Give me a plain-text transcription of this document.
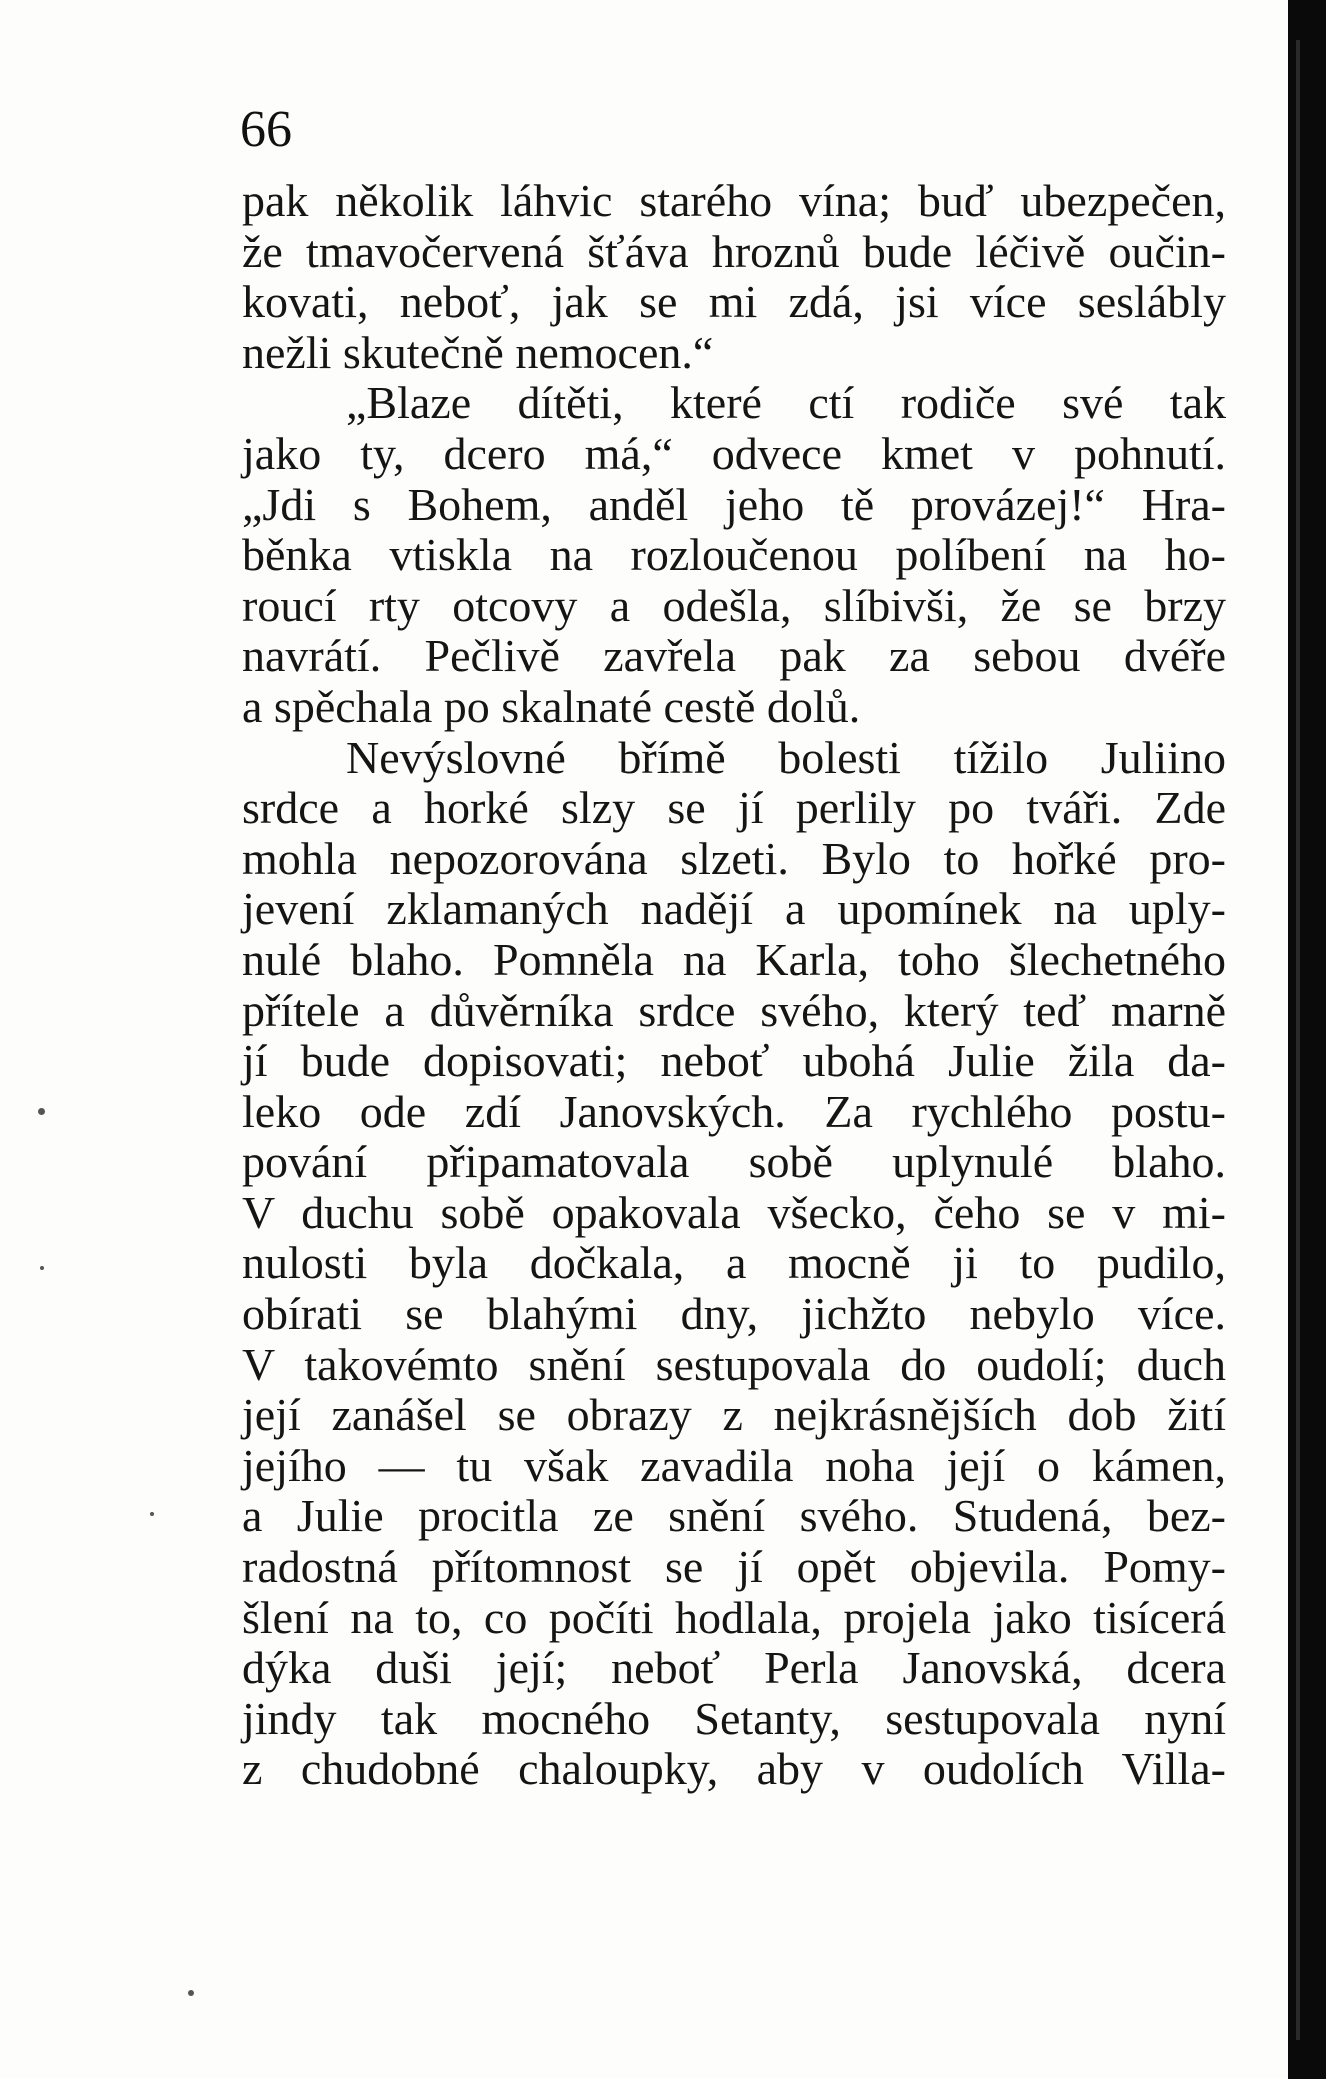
66
pak několik láhvic starého vína; buď ubezpečen,
že tmavočervená šťáva hroznů bude léčivě oučin-
kovati, neboť, jak se mi zdá, jsi více seslábly
nežli skutečně nemocen.“
„Blaze dítěti, které ctí rodiče své tak
jako ty, dcero má,“ odvece kmet v pohnutí.
„Jdi s Bohem, anděl jeho tě provázej!“ Hra-
běnka vtiskla na rozloučenou políbení na ho-
roucí rty otcovy a odešla, slíbivši, že se brzy
navrátí. Pečlivě zavřela pak za sebou dvéře
a spěchala po skalnaté cestě dolů.
Nevýslovné břímě bolesti tížilo Juliino
srdce a horké slzy se jí perlily po tváři. Zde
mohla nepozorována slzeti. Bylo to hořké pro-
jevení zklamaných nadějí a upomínek na uply-
nulé blaho. Pomněla na Karla, toho šlechetného
přítele a důvěrníka srdce svého, který teď marně
jí bude dopisovati; neboť ubohá Julie žila da-
leko ode zdí Janovských. Za rychlého postu-
pování připamatovala sobě uplynulé blaho.
V duchu sobě opakovala všecko, čeho se v mi-
nulosti byla dočkala, a mocně ji to pudilo,
obírati se blahými dny, jichžto nebylo více.
V takovémto snění sestupovala do oudolí; duch
její zanášel se obrazy z nejkrásnějších dob žití
jejího — tu však zavadila noha její o kámen,
a Julie procitla ze snění svého. Studená, bez-
radostná přítomnost se jí opět objevila. Pomy-
šlení na to, co počíti hodlala, projela jako tisícerá
dýka duši její; neboť Perla Janovská, dcera
jindy tak mocného Setanty, sestupovala nyní
z chudobné chaloupky, aby v oudolích Villa-
